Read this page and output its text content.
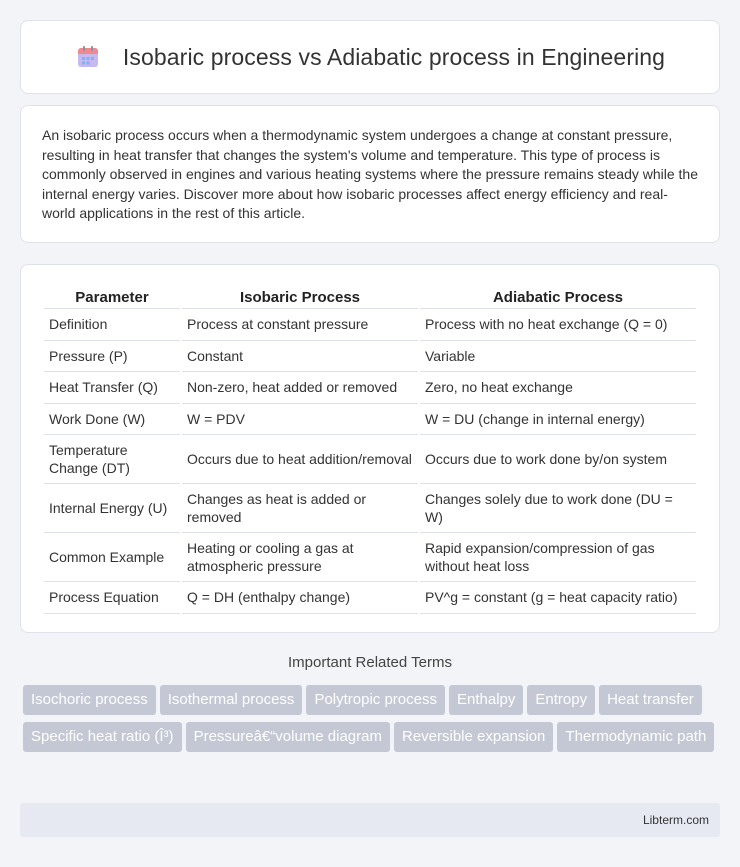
Isobaric process vs Adiabatic process in Engineering

An isobaric process occurs when a thermodynamic system undergoes a change at constant pressure, resulting in heat transfer that changes the system's volume and temperature. This type of process is commonly observed in engines and various heating systems where the pressure remains steady while the internal energy varies. Discover more about how isobaric processes affect energy efficiency and real-world applications in the rest of this article.

Parameter	Isobaric Process	Adiabatic Process
Definition	Process at constant pressure	Process with no heat exchange (Q = 0)
Pressure (P)	Constant	Variable
Heat Transfer (Q)	Non-zero, heat added or removed	Zero, no heat exchange
Work Done (W)	W = PDV	W = DU (change in internal energy)
Temperature Change (DT)	Occurs due to heat addition/removal	Occurs due to work done by/on system
Internal Energy (U)	Changes as heat is added or removed	Changes solely due to work done (DU = W)
Common Example	Heating or cooling a gas at atmospheric pressure	Rapid expansion/compression of gas without heat loss
Process Equation	Q = DH (enthalpy change)	PV^g = constant (g = heat capacity ratio)
Important Related Terms
Isochoric process Isothermal process Polytropic process Enthalpy Entropy Heat transferSpecific heat ratio (Î³) Pressureâ€“volume diagram Reversible expansion Thermodynamic path
Libterm.com
